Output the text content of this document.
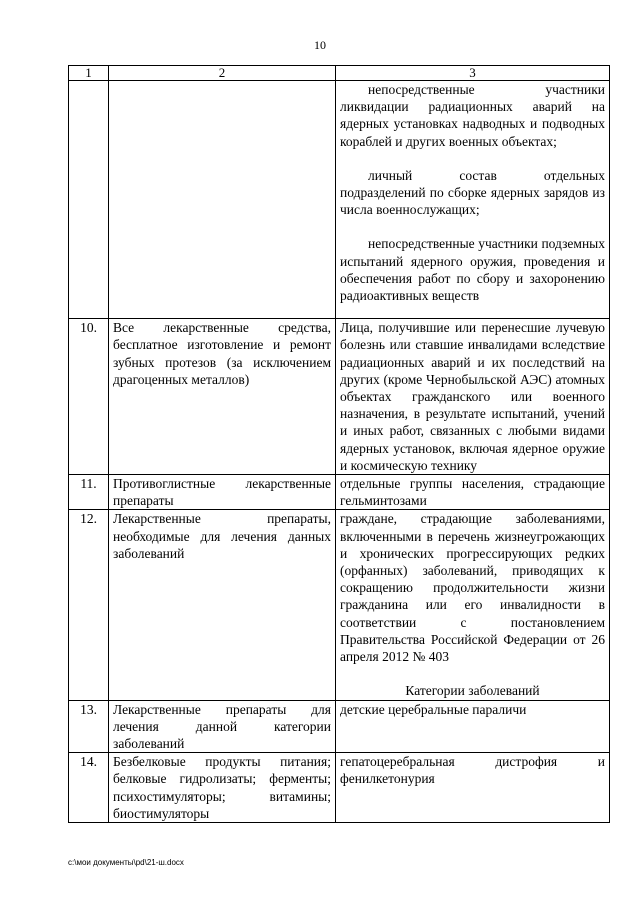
10
1	2	3

		непосредственные участники ликвидации радиационных аварий на ядерных установках надводных и подводных кораблей и других военных объектах;

личный состав отдельных подразделений по сборке ядерных зарядов из числа военнослужащих;

непосредственные участники подземных испытаний ядерного оружия, проведения и обеспечения работ по сбору и захоронению радиоактивных веществ

10.	Все лекарственные средства, бесплатное изготовление и ремонт зубных протезов (за исключением драгоценных металлов)	Лица, получившие или перенесшие лучевую болезнь или ставшие инвалидами вследствие радиационных аварий и их последствий на других (кроме Чернобыльской АЭС) атомных объектах гражданского или военного назначения, в результате испытаний, учений и иных работ, связанных с любыми видами ядерных установок, включая ядерное оружие и космическую технику
11.	Противоглистные лекарственные препараты	отдельные группы населения, страдающие гельминтозами
12.	Лекарственные препараты, необходимые для лечения данных заболеваний	граждане, страдающие заболеваниями, включенными в перечень жизнеугрожающих и хронических прогрессирующих редких (орфанных) заболеваний, приводящих к сокращению продолжительности жизни гражданина или его инвалидности в соответствии с постановлением Правительства Российской Федерации от 26 апреля 2012 № 403
Категории заболеваний

13.	Лекарственные препараты для лечения данной категории заболеваний	детские церебральные параличи
14.	Безбелковые продукты питания; белковые гидролизаты; ферменты; психостимуляторы; витамины; биостимуляторы	гепатоцеребральная дистрофия и фенилкетонурия
c:\мои документы\pd\21-ш.docx
